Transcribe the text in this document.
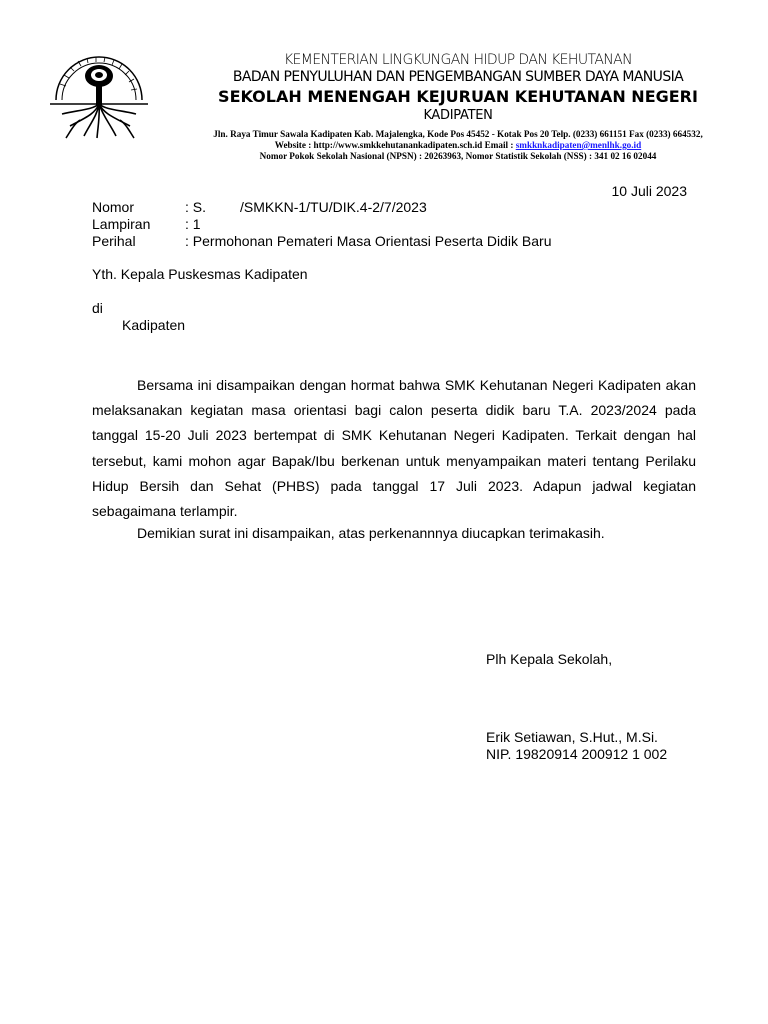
KEMENTERIAN LINGKUNGAN HIDUP DAN KEHUTANAN
BADAN PENYULUHAN DAN PENGEMBANGAN SUMBER DAYA MANUSIA
SEKOLAH MENENGAH KEJURUAN KEHUTANAN NEGERI
KADIPATEN
Jln. Raya Timur Sawala Kadipaten Kab. Majalengka, Kode Pos 45452 - Kotak Pos 20 Telp. (0233) 661151 Fax (0233) 664532,
Website : http://www.smkkehutanankadipaten.sch.id Email : smkknkadipaten@menlhk.go.id
Nomor Pokok Sekolah Nasional (NPSN) : 20263963, Nomor Statistik Sekolah (NSS) : 341 02 16 02044
10 Juli 2023
Nomor	: S. /SMKKN-1/TU/DIK.4-2/7/2023
Lampiran	: 1
Perihal	: Permohonan Pemateri Masa Orientasi Peserta Didik Baru
Yth. Kepala Puskesmas Kadipaten
di
Kadipaten
Bersama ini disampaikan dengan hormat bahwa SMK Kehutanan Negeri Kadipaten akan melaksanakan kegiatan masa orientasi bagi calon peserta didik baru T.A. 2023/2024 pada tanggal 15-20 Juli 2023 bertempat di SMK Kehutanan Negeri Kadipaten. Terkait dengan hal tersebut, kami mohon agar Bapak/Ibu berkenan untuk menyampaikan materi tentang Perilaku Hidup Bersih dan Sehat (PHBS) pada tanggal 17 Juli 2023. Adapun jadwal kegiatan sebagaimana terlampir.
Demikian surat ini disampaikan, atas perkenannnya diucapkan terimakasih.
Plh Kepala Sekolah,
Erik Setiawan, S.Hut., M.Si.
NIP. 19820914 200912 1 002
